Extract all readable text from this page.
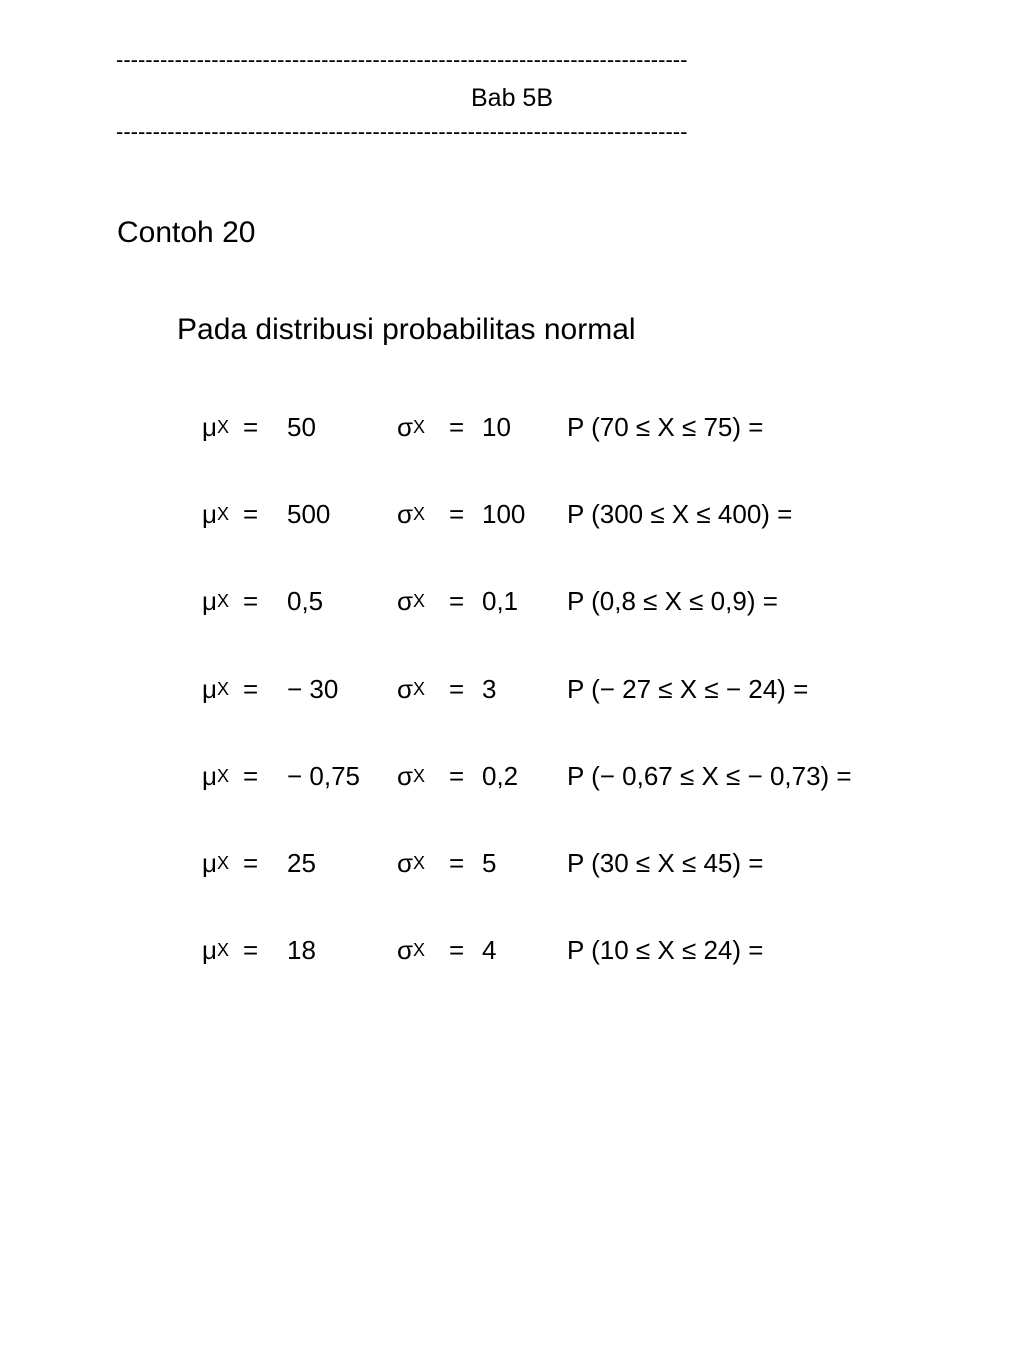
------------------------------------------------------------------------------
Bab 5B
------------------------------------------------------------------------------
Contoh 20
Pada distribusi probabilitas normal
μ X = 50	σ X = 10 P (70 ≤ X ≤ 75) =
μ X = 500	σ X = 100 P (300 ≤ X ≤ 400) =
μ X = 0,5	σ X = 0,1 P (0,8 ≤ X ≤ 0,9) =
μ X = − 30 σ X = 3	P (− 27 ≤ X ≤ − 24) =
μ X = − 0,75 σ X = 0,2 P (− 0,67 ≤ X ≤ − 0,73) =
μ X = 25	σ X = 5	P (30 ≤ X ≤ 45) =
μ X = 18	σ X = 4	P (10 ≤ X ≤ 24) =
